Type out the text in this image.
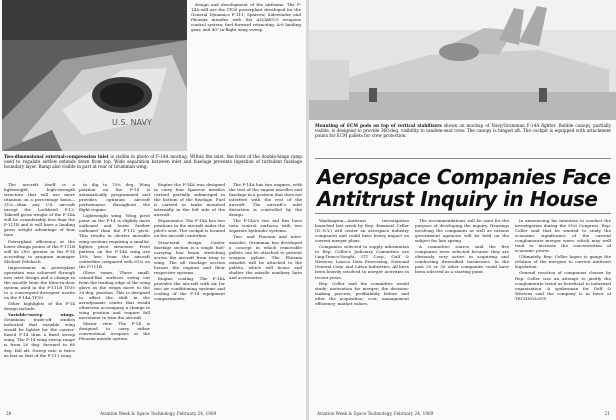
U.S. NAVY

design and development of the airframe. The F-14A will use the TF30 powerplant developed for the General Dynamics F-111; Sparrow, Sidewinder and Phoenix missiles with the AN/AWG-9 weapons control system; fuel forward retracting, A-6 landing gear, and 40° in-flight wing sweep.

Two-dimensional external-compression inlet is visible in photo of F-14A mockup. Within the inlet, the front of the double-hinge ramp used to regulate airflow extends down from top. Wide separation between inlet and fuselage prevents ingestion of turbulent fuselage boundary layer. Ramp also visible in part at rear of Grumman wing.

The aircraft itself is a lightweight, high-strength structure that will use more titanium on a percentage basis—31%—than any U.S. aircraft except the Lockheed F-12. Takeoff gross weight of the F-14A will be considerably less than the F-111B and it will have a landing gross weight advantage of four tons.

Powerplant efficiency at the lower design points of the F-111B will be 28% greater in the F-14 according to program manager Michael Pelehach.

Improvement in powerplant operation was achieved through new inlet design and a change in the nacelle from the blow-in-door system used in the F-111B TF30 to a convergent-divergent nozzle on the F-14A TF30.

Other highlights of the F-14 design include:

Variable-sweep wings. Grumman trade-off studies indicated that variable wing would be lighter for the carrier-based F-14 than a fixed sweep wing. The F-14 wing sweep range is from 20 deg. forward to 68 deg. full aft. Sweep rate is twice as fast as that of the F-111 wing.

to dig to 75% deg. Wing position on the F-14 is automatically programmed and provides optimum aircraft performance throughout the flight regime.

Lightweight wing. Wing pivot point on the F-14 is slightly more outboard and lower further outboard than the F-111 pivot. This results in shorter movable wing sections requiring a smaller, lighter pivot structure. Pivot pattern on the F-14A wing are 10% less from the aircraft centerline compared with 61% on the F-111B.

Glove vanes. These small, canard-like surfaces swing out from the leading edge of the wing glove as the wings move to the 35-deg. position. This is designed to offset the shift in the aerodynamic center that would otherwise accompany a change in wing position and require full movement to trim the aircraft.

Mirror view. The F-14 is designed to carry either conventional weapons or the Phoenix missile system.

Engine the F-14A was designed to carry four Sparrow missiles carried partially submerged in the bottom of the fuselage. Fuel is carried in tanks mounted internally in the left side of the aircraft.

Ergonomics. The F-14A has two positions in the aircraft under the pilot's seat. The cockpit is located on the aircraft centerline.

Structural design. Center fuselage section is a single fuel-carrying box beam stretching across the aircraft from wing to wing. The aft fuselage section houses the engines and their respective systems.

Engine cooling. The F-14A provides the aircraft with air for two air conditioning systems and cooling of the F-14 equipment compartments.

The F-14A has two engines, with the rest of the engine nacelles and fuselage in a position that does not interfere with the rest of the aircraft. The aircraft's inlet distortion is controlled by the design.

The F-14A's two tail fins have twin control surfaces with two separate hydraulic systems.

Two- and Phoenix and inter-missiles, Grumman has developed a concept in which removable pallets can be attached to present weapon pylons. The Phoenix missiles will be attached to the pallets, which will house and shelter the missile auxiliary lines and accessories.

20	Aviation Week & Space Technology, February 24, 1969
Mounting of ECM pods on top of vertical stabilizers shown on mockup of Navy/Grumman F-14A fighter. Bubble canopy, partially visible, is designed to provide 360-deg. visibility to tandem-seat crew. The canopy is hinged aft. The cockpit is equipped with attachment points for ECM pallets for crew protection.
Aerospace Companies Face Antitrust Inquiry in House

Washington—Antitrust investigation launched last week by Rep. Emanuel Celler (D.-N.Y.) will center on aerospace industry companies and could have heavy impact on current merger plans.

Companies selected to supply information to Rep. Celler's Judiciary Committee are Ling-Temco-Vought, ITT Corp., Gulf & Western, Leasco Data Processing, National General Corp. and Litton Industries. All have been heavily involved in merger activities in recent years.

Rep. Celler said the committee would study: motivation for merger; the decision-making process; profitability before and after the acquisition; cost; management efficiency; market values.

The recommendations will be used for the purpose of developing the inquiry. Hearings involving the companies as well as various government agencies will be held on the subject for late spring.

A committee source said the five companies were selected because they are obviously very active in acquiring and conducting diversified businesses. In the past 20 or 30 other companies could have been selected as a starting point.

In announcing his intention to conduct the investigation during the 91st Congress, Rep. Celler said that he wanted to study the economic significance of the current conglomerate merger wave, which may well tend to increase the concentration of economic power.

Ultimately, Rep. Celler hopes to gauge the relation of the mergers to current antitrust legislation.

General reaction of companies chosen by Rep. Celler was an attempt to justify the conglomerate trend as beneficial to industrial organization. A spokesman for Gulf & Western said the company is in favor of TECHNOLOGY.

Aviation Week & Space Technology, February 24, 1969	21
